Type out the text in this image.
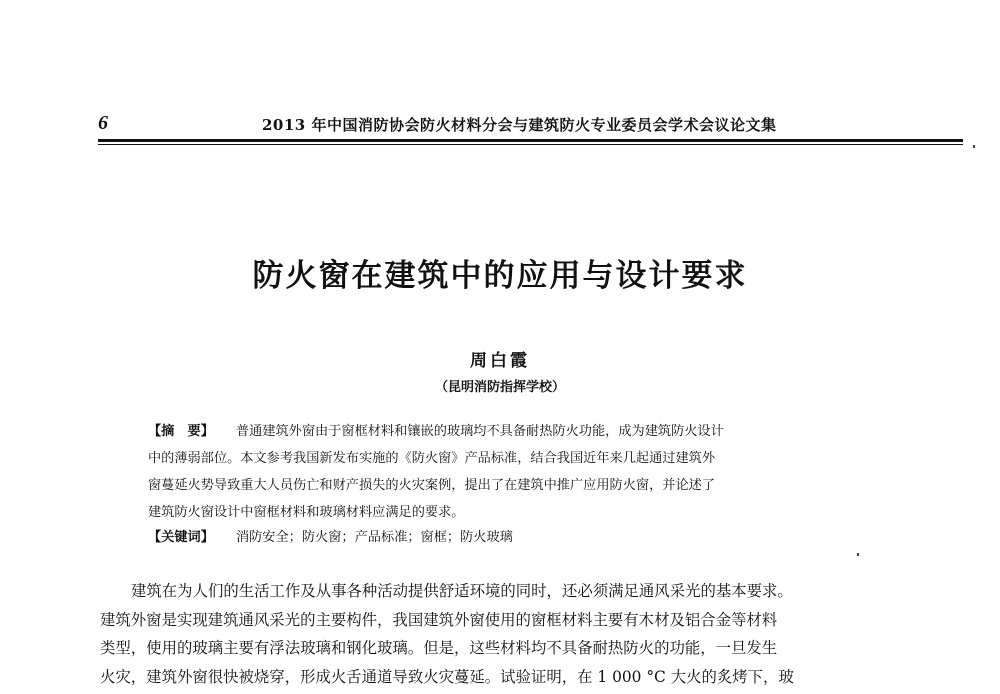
6	2013 年中国消防协会防火材料分会与建筑防火专业委员会学术会议论文集

防火窗在建筑中的应用与设计要求

周白霞

（昆明消防指挥学校）

【摘　要】 普通建筑外窗由于窗框材料和镶嵌的玻璃均不具备耐热防火功能，成为建筑防火设计
中的薄弱部位。本文参考我国新发布实施的《防火窗》产品标准，结合我国近年来几起通过建筑外
窗蔓延火势导致重大人员伤亡和财产损失的火灾案例，提出了在建筑中推广应用防火窗，并论述了
建筑防火窗设计中窗框材料和玻璃材料应满足的要求。

【关键词】 消防安全；防火窗；产品标准；窗框；防火玻璃

建筑在为人们的生活工作及从事各种活动提供舒适环境的同时，还必须满足通风采光的基本要求。
建筑外窗是实现建筑通风采光的主要构件，我国建筑外窗使用的窗框材料主要有木材及铝合金等材料
类型，使用的玻璃主要有浮法玻璃和钢化玻璃。但是，这些材料均不具备耐热防火的功能，一旦发生
火灾，建筑外窗很快被烧穿，形成火舌通道导致火灾蔓延。试验证明，在 1 000 °C 大火的炙烤下，玻
